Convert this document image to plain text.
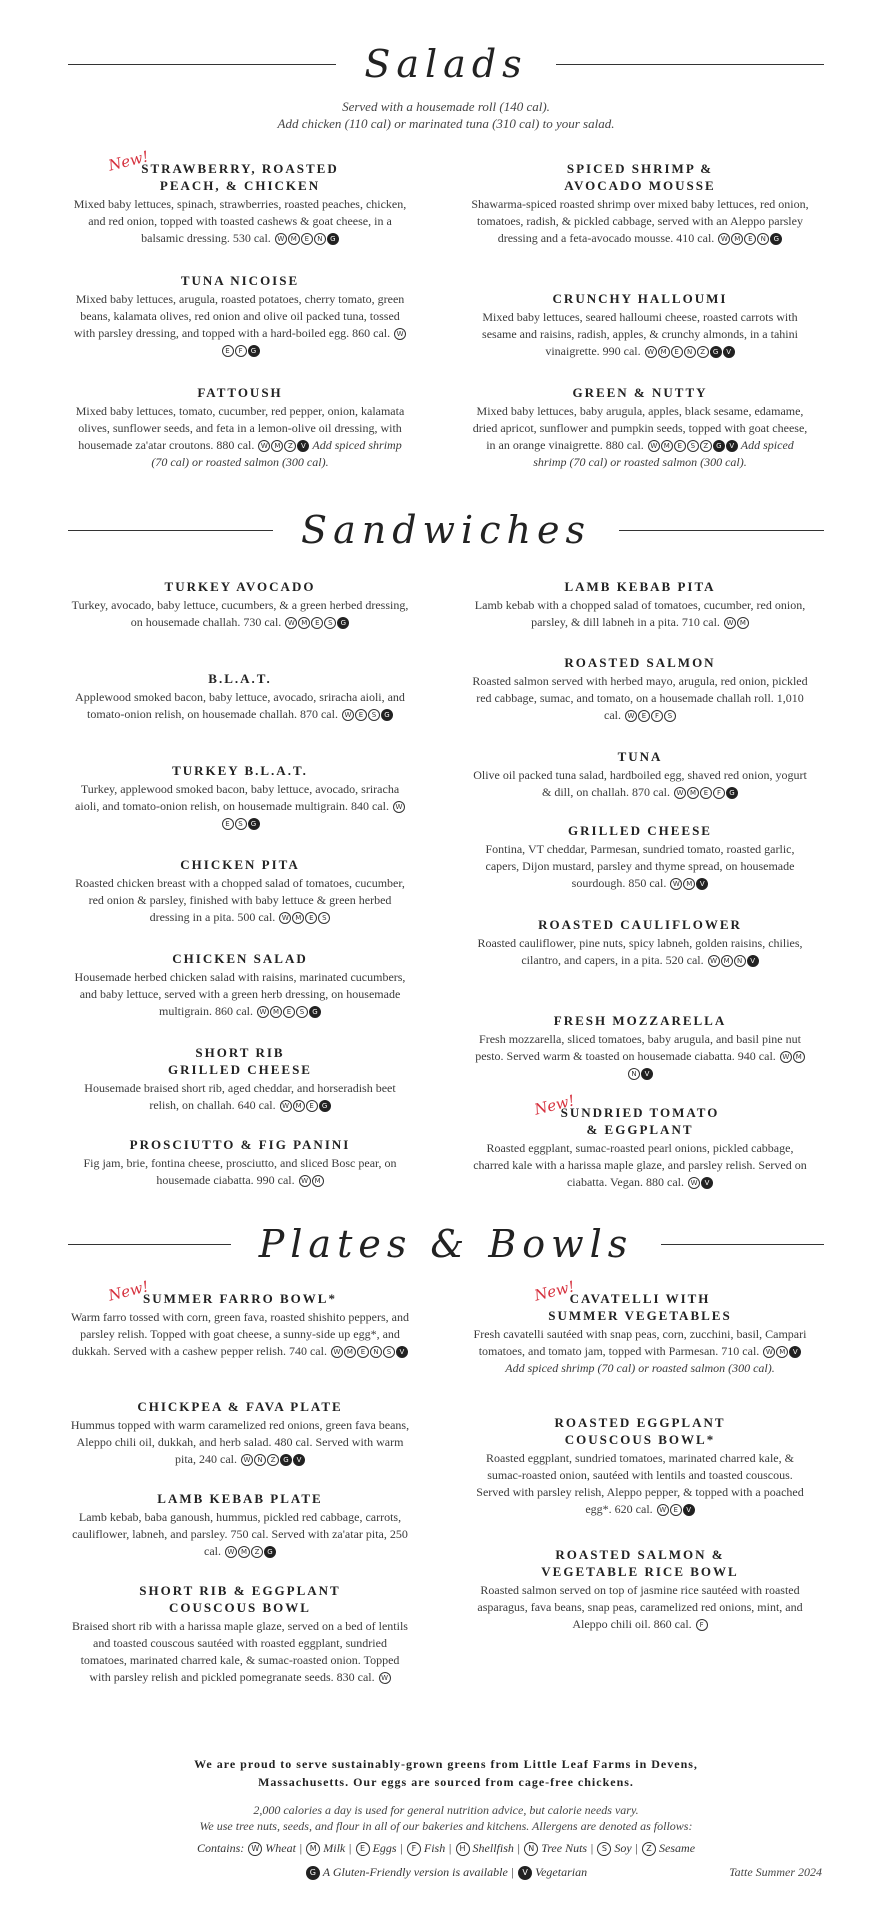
Salads
Served with a housemade roll (140 cal).
Add chicken (110 cal) or marinated tuna (310 cal) to your salad.
Sandwiches
Plates & Bowls
STRAWBERRY, ROASTED
PEACH, & CHICKEN

Mixed baby lettuces, spinach, strawberries, roasted peaches, chicken, and red onion, topped with toasted cashews & goat cheese, in a balsamic dressing. 530 cal. W M E N G

New!	SPICED SHRIMP &
AVOCADO MOUSSE

Shawarma-spiced roasted shrimp over mixed baby lettuces, red onion, tomatoes, radish, & pickled cabbage, served with an Aleppo parsley dressing and a feta-avocado mousse. 410 cal. W M E N G

TUNA NICOISE

Mixed baby lettuces, arugula, roasted potatoes, cherry tomato, green beans, kalamata olives, red onion and olive oil packed tuna, tossed with parsley dressing, and topped with a hard-boiled egg. 860 cal. WE F G

CRUNCHY HALLOUMI

Mixed baby lettuces, seared halloumi cheese, roasted carrots with sesame and raisins, radish, apples, & crunchy almonds, in a tahini vinaigrette. 990 cal. W M E N Z G V

FATTOUSH

Mixed baby lettuces, tomato, cucumber, red pepper, onion, kalamata olives, sunflower seeds, and feta in a lemon-olive oil dressing, with housemade za'atar croutons. 880 cal. W M Z V Add spiced shrimp (70 cal) or roasted salmon (300 cal).

GREEN & NUTTY

Mixed baby lettuces, baby arugula, apples, black sesame, edamame, dried apricot, sunflower and pumpkin seeds, topped with goat cheese, in an orange vinaigrette. 880 cal. W M E S Z G V Add spiced shrimp (70 cal) or roasted salmon (300 cal).

TURKEY AVOCADO

Turkey, avocado, baby lettuce, cucumbers, & a green herbed dressing, on housemade challah. 730 cal. W M E S G

LAMB KEBAB PITA

Lamb kebab with a chopped salad of tomatoes, cucumber, red onion, parsley, & dill labneh in a pita. 710 cal. W M

B.L.A.T.

Applewood smoked bacon, baby lettuce, avocado, sriracha aioli, and tomato-onion relish, on housemade challah. 870 cal. W E S G

ROASTED SALMON

Roasted salmon served with herbed mayo, arugula, red onion, pickled red cabbage, sumac, and tomato, on a housemade challah roll. 1,010 cal. W E F S

TURKEY B.L.A.T.

Turkey, applewood smoked bacon, baby lettuce, avocado, sriracha aioli, and tomato-onion relish, on housemade multigrain. 840 cal. WE S G

TUNA

Olive oil packed tuna salad, hardboiled egg, shaved red onion, yogurt & dill, on challah. 870 cal. W M E F G

CHICKEN PITA

Roasted chicken breast with a chopped salad of tomatoes, cucumber, red onion & parsley, finished with baby lettuce & green herbed dressing in a pita. 500 cal. W M E S

GRILLED CHEESE

Fontina, VT cheddar, Parmesan, sundried tomato, roasted garlic, capers, Dijon mustard, parsley and thyme spread, on housemade sourdough. 850 cal. W M V

CHICKEN SALAD

Housemade herbed chicken salad with raisins, marinated cucumbers, and baby lettuce, served with a green herb dressing, on housemade multigrain. 860 cal. W M E S G

ROASTED CAULIFLOWER

Roasted cauliflower, pine nuts, spicy labneh, golden raisins, chilies, cilantro, and capers, in a pita. 520 cal. W M N V

SHORT RIB
GRILLED CHEESE

Housemade braised short rib, aged cheddar, and horseradish beet relish, on challah. 640 cal. W M E G

FRESH MOZZARELLA

Fresh mozzarella, sliced tomatoes, baby arugula, and basil pine nut pesto. Served warm & toasted on housemade ciabatta. 940 cal. W MN V

PROSCIUTTO & FIG PANINI

Fig jam, brie, fontina cheese, prosciutto, and sliced Bosc pear, on housemade ciabatta. 990 cal. W M

SUNDRIED TOMATO
& EGGPLANT

Roasted eggplant, sumac-roasted pearl onions, pickled cabbage, charred kale with a harissa maple glaze, and parsley relish. Served on ciabatta. Vegan. 880 cal. W V

New!
SUMMER FARRO BOWL*

Warm farro tossed with corn, green fava, roasted shishito peppers, and parsley relish. Topped with goat cheese, a sunny-side up egg*, and dukkah. Served with a cashew pepper relish. 740 cal. W M E N S V

New!	CAVATELLI WITH
SUMMER VEGETABLES

Fresh cavatelli sautéed with snap peas, corn, zucchini, basil, Campari tomatoes, and tomato jam, topped with Parmesan. 710 cal. W M V Add spiced shrimp (70 cal) or roasted salmon (300 cal).

New!
CHICKPEA & FAVA PLATE

Hummus topped with warm caramelized red onions, green fava beans, Aleppo chili oil, dukkah, and herb salad. 480 cal. Served with warm pita, 240 cal. W N Z G V

ROASTED EGGPLANT
COUSCOUS BOWL*

Roasted eggplant, sundried tomatoes, marinated charred kale, & sumac-roasted onion, sautéed with lentils and toasted couscous. Served with parsley relish, Aleppo pepper, & topped with a poached egg*. 620 cal. W E V

LAMB KEBAB PLATE

Lamb kebab, baba ganoush, hummus, pickled red cabbage, carrots, cauliflower, labneh, and parsley. 750 cal. Served with za'atar pita, 250 cal. W M Z G	ROASTED SALMON &
VEGETABLE RICE BOWL

Roasted salmon served on top of jasmine rice sautéed with roasted asparagus, fava beans, snap peas, caramelized red onions, mint, and Aleppo chili oil. 860 cal. F

SHORT RIB & EGGPLANT
COUSCOUS BOWL

Braised short rib with a harissa maple glaze, served on a bed of lentils and toasted couscous sautéed with roasted eggplant, sundried tomatoes, marinated charred kale, & sumac-roasted onion. Topped with parsley relish and pickled pomegranate seeds. 830 cal. W

We are proud to serve sustainably-grown greens from Little Leaf Farms in Devens, Massachusetts. Our eggs are sourced from cage-free chickens.
2,000 calories a day is used for general nutrition advice, but calorie needs vary.
We use tree nuts, seeds, and flour in all of our bakeries and kitchens. Allergens are denoted as follows:
Contains: W Wheat | M Milk | E Eggs | F Fish | H Shellfish | N Tree Nuts | S Soy | Z Sesame
G A Gluten-Friendly version is available | V Vegetarian	Tatte Summer 2024
